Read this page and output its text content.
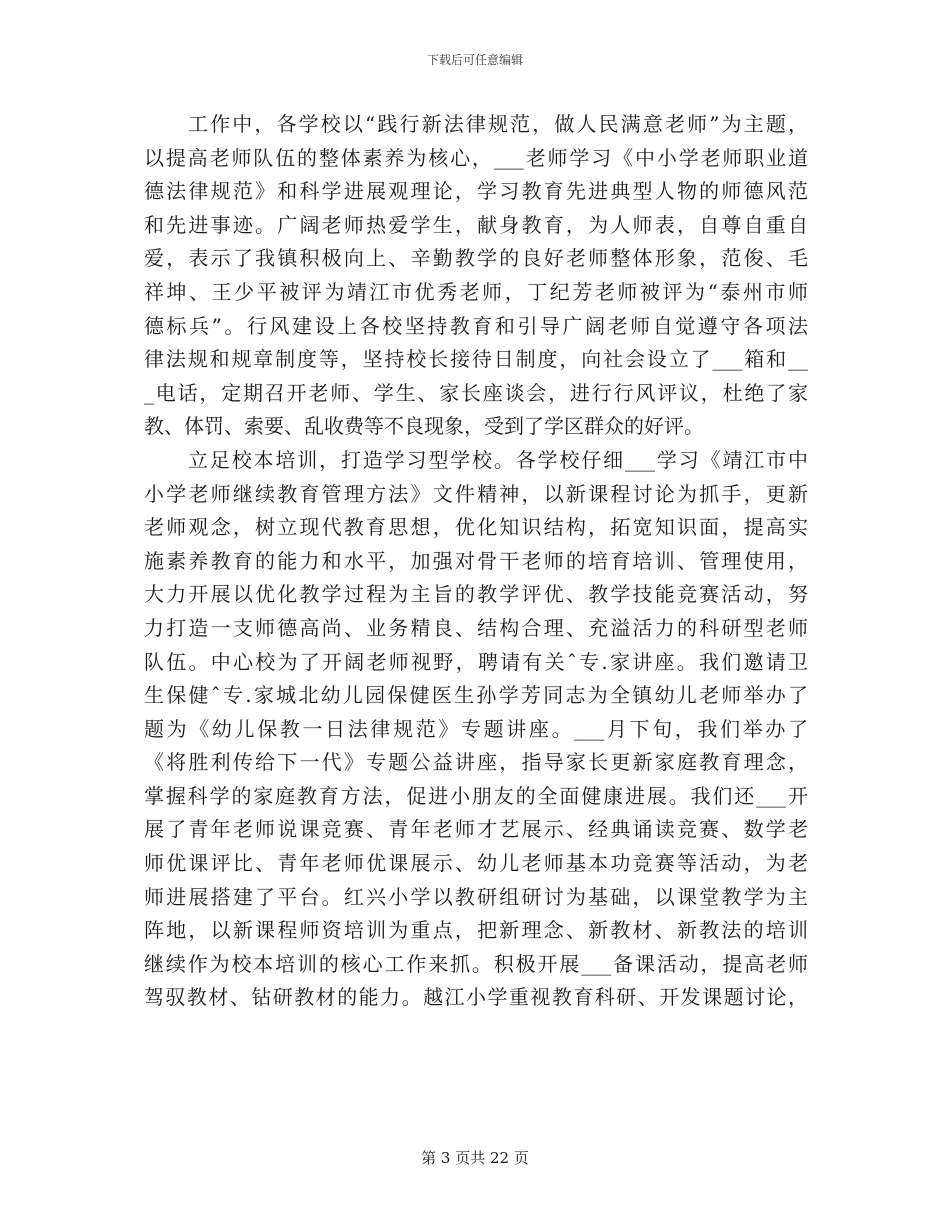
下载后可任意编辑
工作中，各学校以“践行新法律规范，做人民满意老师”为主题，
以提高老师队伍的整体素养为核心，___老师学习《中小学老师职业道
德法律规范》和科学进展观理论，学习教育先进典型人物的师德风范
和先进事迹。广阔老师热爱学生，献身教育，为人师表，自尊自重自
爱，表示了我镇积极向上、辛勤教学的良好老师整体形象，范俊、毛
祥坤、王少平被评为靖江市优秀老师，丁纪芳老师被评为“泰州市师
德标兵”。行风建设上各校坚持教育和引导广阔老师自觉遵守各项法
律法规和规章制度等，坚持校长接待日制度，向社会设立了___箱和__
_电话，定期召开老师、学生、家长座谈会，进行行风评议，杜绝了家
教、体罚、索要、乱收费等不良现象，受到了学区群众的好评。
立足校本培训，打造学习型学校。各学校仔细___学习《靖江市中
小学老师继续教育管理方法》文件精神，以新课程讨论为抓手，更新
老师观念，树立现代教育思想，优化知识结构，拓宽知识面，提高实
施素养教育的能力和水平，加强对骨干老师的培育培训、管理使用，
大力开展以优化教学过程为主旨的教学评优、教学技能竞赛活动，努
力打造一支师德高尚、业务精良、结构合理、充溢活力的科研型老师
队伍。中心校为了开阔老师视野，聘请有关ˆ专.家讲座。我们邀请卫
生保健ˆ专.家城北幼儿园保健医生孙学芳同志为全镇幼儿老师举办了
题为《幼儿保教一日法律规范》专题讲座。___月下旬，我们举办了
《将胜利传给下一代》专题公益讲座，指导家长更新家庭教育理念，
掌握科学的家庭教育方法，促进小朋友的全面健康进展。我们还___开
展了青年老师说课竞赛、青年老师才艺展示、经典诵读竞赛、数学老
师优课评比、青年老师优课展示、幼儿老师基本功竞赛等活动，为老
师进展搭建了平台。红兴小学以教研组研讨为基础，以课堂教学为主
阵地，以新课程师资培训为重点，把新理念、新教材、新教法的培训
继续作为校本培训的核心工作来抓。积极开展___备课活动，提高老师
驾驭教材、钻研教材的能力。越江小学重视教育科研、开发课题讨论，
第 3 页共 22 页
